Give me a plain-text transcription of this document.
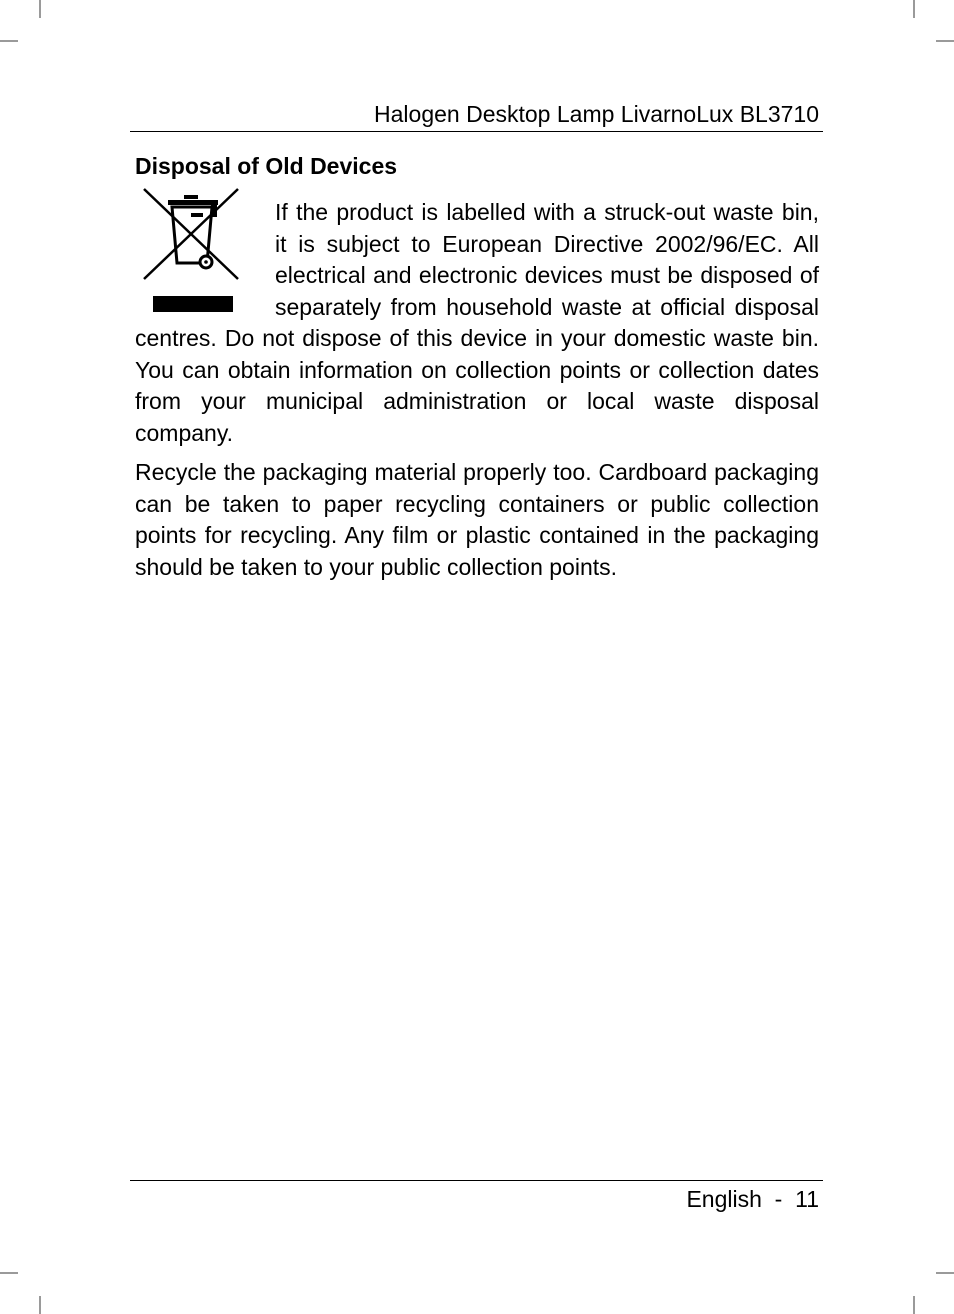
Halogen Desktop Lamp LivarnoLux BL3710
Disposal of Old Devices

If the product is labelled with a struck-out waste bin, it is subject to European Directive 2002/96/EC. All electrical and electronic devices must be disposed of separately from household waste at official disposal centres. Do not dispose of this device in your domestic waste bin. You can obtain information on collection points or collection dates from your municipal administration or local waste disposal company.

Recycle the packaging material properly too. Cardboard packaging can be taken to paper recycling containers or public collection points for recycling. Any film or plastic contained in the packaging should be taken to your public collection points.

English  -  11
